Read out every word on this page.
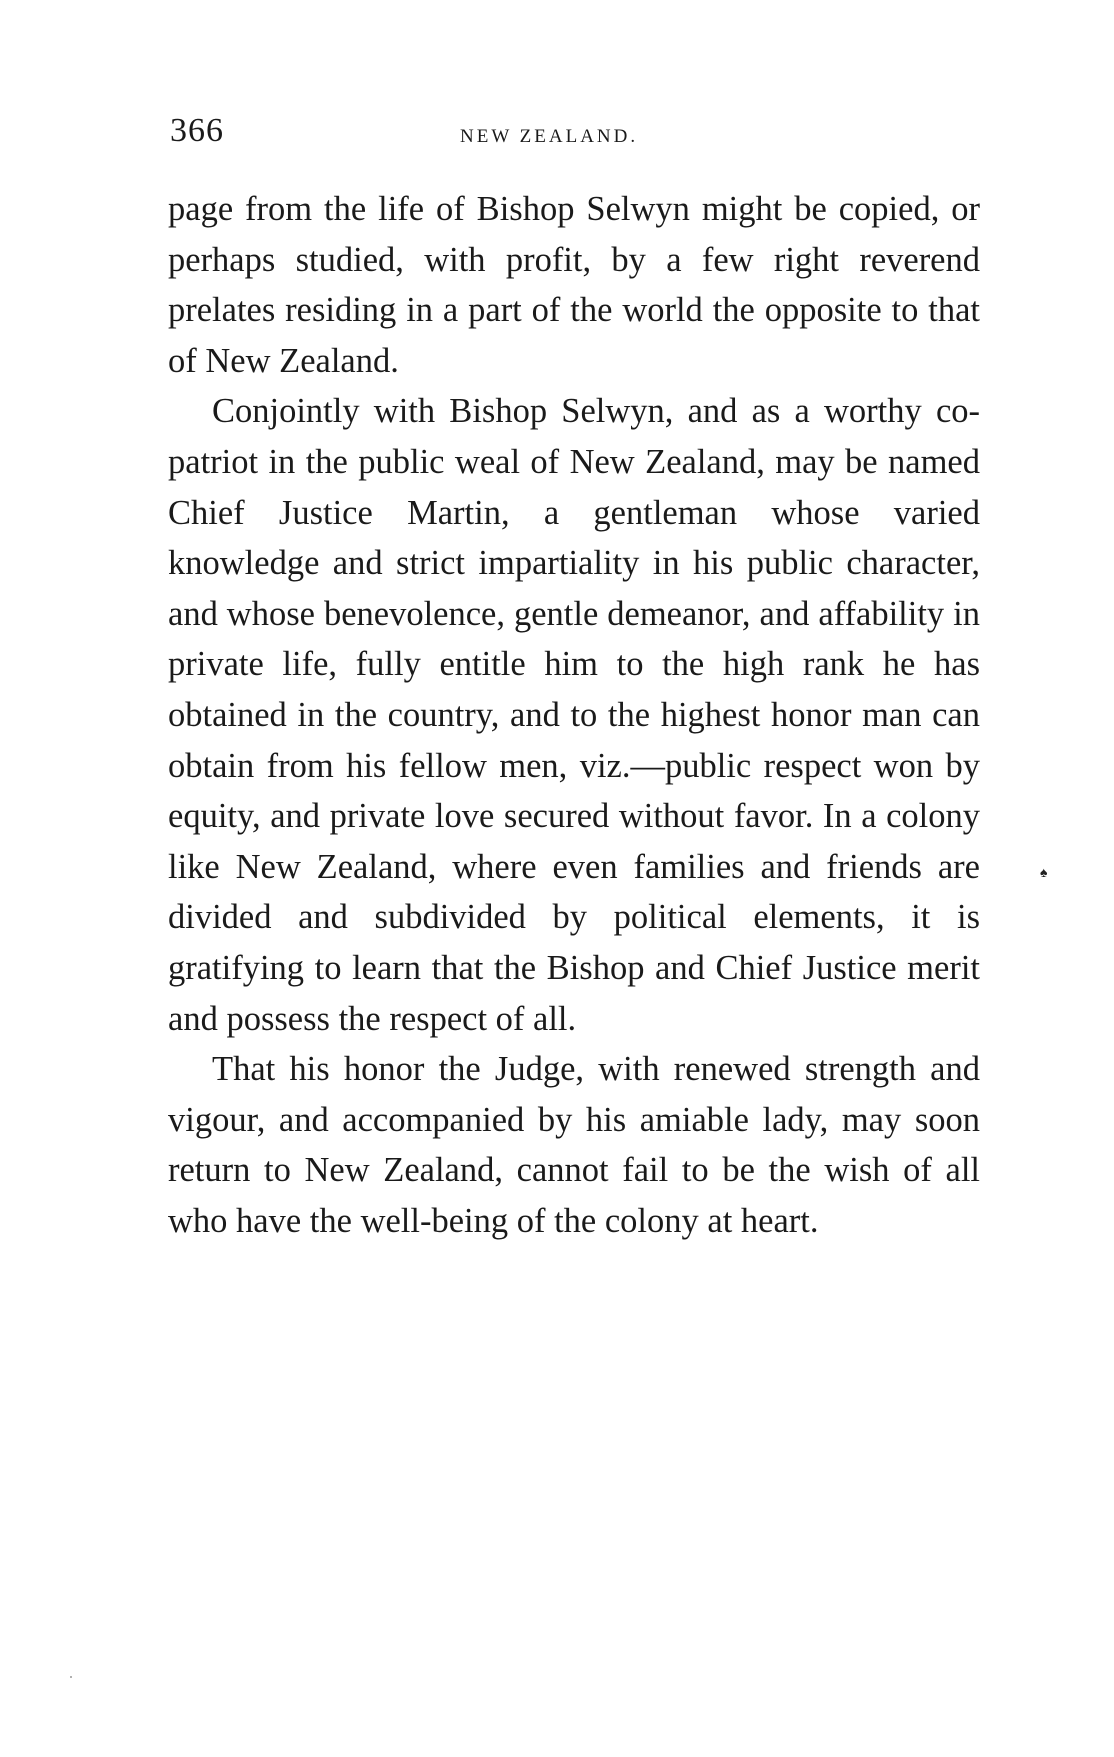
366	NEW ZEALAND.

page from the life of Bishop Selwyn might be copied, or perhaps studied, with profit, by a few right reverend prelates residing in a part of the world the opposite to that of New Zealand.

Conjointly with Bishop Selwyn, and as a worthy co-patriot in the public weal of New Zealand, may be named Chief Justice Martin, a gentleman whose varied knowledge and strict impartiality in his public character, and whose benevolence, gentle demeanor, and affability in private life, fully entitle him to the high rank he has obtained in the country, and to the highest honor man can obtain from his fellow men, viz.—public respect won by equity, and private love secured without favor. In a colony like New Zealand, where even families and friends are divided and subdivided by political elements, it is gratifying to learn that the Bishop and Chief Justice merit and possess the respect of all.

That his honor the Judge, with renewed strength and vigour, and accompanied by his amiable lady, may soon return to New Zealand, cannot fail to be the wish of all who have the well-being of the colony at heart.

♠
